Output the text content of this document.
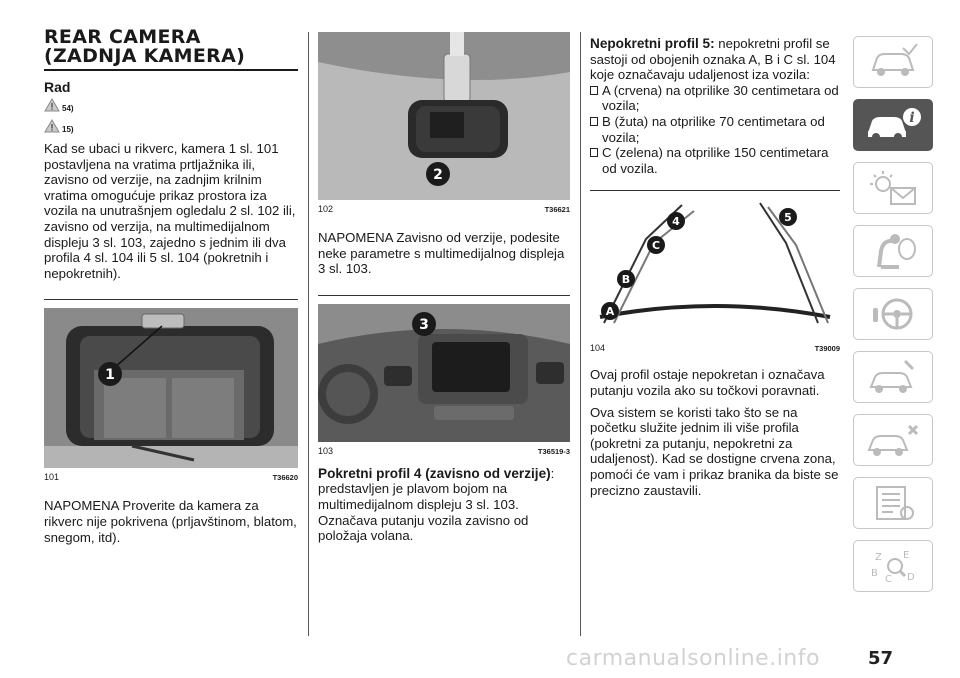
REAR CAMERA
(ZADNJA KAMERA)
Rad
54)
15)

Kad se ubaci u rikverc, kamera 1 sl. 101 postavljena na vratima prtljažnika ili, zavisno od verzije, na zadnjim krilnim vratima omogućuje prikaz prostora iza vozila na unutrašnjem ogledalu 2 sl. 102 ili, zavisno od verzija, na multimedijalnom displeju 3 sl. 103, zajedno s jednim ili dva profila 4 sl. 104 ili 5 sl. 104 (pokretnih i nepokretnih).

1
101	T36620

NAPOMENA Proverite da kamera za rikverc nije pokrivena (prljavštinom, blatom, snegom, itd).

2
102	T36621

NAPOMENA Zavisno od verzije, podesite neke parametre s multimedijalnog displeja 3 sl. 103.

3
103	T36519-3

Pokretni profil 4 (zavisno od verzije): predstavljen je plavom bojom na multimedijalnom displeju 3 sl. 103. Označava putanju vozila zavisno od položaja volana.

Nepokretni profil 5: nepokretni profil se sastoji od obojenih oznaka A, B i C sl. 104 koje označavaju udaljenost iza vozila:

A (crvena) na otprilike 30 centimetara od vozila;
B (žuta) na otprilike 70 centimetara od vozila;
C (zelena) na otprilike 150 centimetara od vozila.
A
B
C
4	5
104	T39009

Ovaj profil ostaje nepokretan i označava putanju vozila ako su točkovi poravnati.

Ova sistem se koristi tako što se na početku služite jednim ili više profila (pokretni za putanju, nepokretni za udaljenost). Kad se dostigne crvena zona, pomoći će vam i prikaz branika da biste se precizno zaustavili.

i
Z E
B
C D
carmanualsonline.info	57
